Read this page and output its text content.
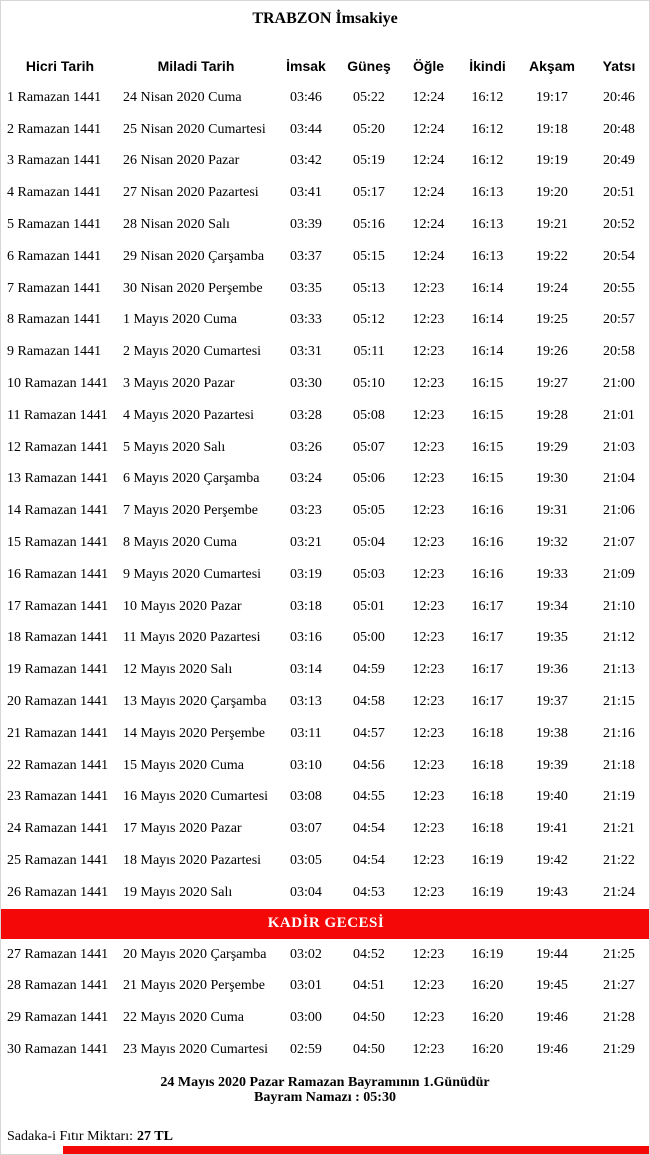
TRABZON İmsakiye
Hicri Tarih	Miladi Tarih	İmsak	Güneş	Öğle	İkindi	Akşam	Yatsı
1 Ramazan 1441	24 Nisan 2020 Cuma	03:46	05:22	12:24	16:12	19:17	20:46
2 Ramazan 1441	25 Nisan 2020 Cumartesi	03:44	05:20	12:24	16:12	19:18	20:48
3 Ramazan 1441	26 Nisan 2020 Pazar	03:42	05:19	12:24	16:12	19:19	20:49
4 Ramazan 1441	27 Nisan 2020 Pazartesi	03:41	05:17	12:24	16:13	19:20	20:51
5 Ramazan 1441	28 Nisan 2020 Salı	03:39	05:16	12:24	16:13	19:21	20:52
6 Ramazan 1441	29 Nisan 2020 Çarşamba	03:37	05:15	12:24	16:13	19:22	20:54
7 Ramazan 1441	30 Nisan 2020 Perşembe	03:35	05:13	12:23	16:14	19:24	20:55
8 Ramazan 1441	1 Mayıs 2020 Cuma	03:33	05:12	12:23	16:14	19:25	20:57
9 Ramazan 1441	2 Mayıs 2020 Cumartesi	03:31	05:11	12:23	16:14	19:26	20:58
10 Ramazan 1441	3 Mayıs 2020 Pazar	03:30	05:10	12:23	16:15	19:27	21:00
11 Ramazan 1441	4 Mayıs 2020 Pazartesi	03:28	05:08	12:23	16:15	19:28	21:01
12 Ramazan 1441	5 Mayıs 2020 Salı	03:26	05:07	12:23	16:15	19:29	21:03
13 Ramazan 1441	6 Mayıs 2020 Çarşamba	03:24	05:06	12:23	16:15	19:30	21:04
14 Ramazan 1441	7 Mayıs 2020 Perşembe	03:23	05:05	12:23	16:16	19:31	21:06
15 Ramazan 1441	8 Mayıs 2020 Cuma	03:21	05:04	12:23	16:16	19:32	21:07
16 Ramazan 1441	9 Mayıs 2020 Cumartesi	03:19	05:03	12:23	16:16	19:33	21:09
17 Ramazan 1441	10 Mayıs 2020 Pazar	03:18	05:01	12:23	16:17	19:34	21:10
18 Ramazan 1441	11 Mayıs 2020 Pazartesi	03:16	05:00	12:23	16:17	19:35	21:12
19 Ramazan 1441	12 Mayıs 2020 Salı	03:14	04:59	12:23	16:17	19:36	21:13
20 Ramazan 1441	13 Mayıs 2020 Çarşamba	03:13	04:58	12:23	16:17	19:37	21:15
21 Ramazan 1441	14 Mayıs 2020 Perşembe	03:11	04:57	12:23	16:18	19:38	21:16
22 Ramazan 1441	15 Mayıs 2020 Cuma	03:10	04:56	12:23	16:18	19:39	21:18
23 Ramazan 1441	16 Mayıs 2020 Cumartesi	03:08	04:55	12:23	16:18	19:40	21:19
24 Ramazan 1441	17 Mayıs 2020 Pazar	03:07	04:54	12:23	16:18	19:41	21:21
25 Ramazan 1441	18 Mayıs 2020 Pazartesi	03:05	04:54	12:23	16:19	19:42	21:22
26 Ramazan 1441	19 Mayıs 2020 Salı	03:04	04:53	12:23	16:19	19:43	21:24
KADİR GECESİ							
27 Ramazan 1441	20 Mayıs 2020 Çarşamba	03:02	04:52	12:23	16:19	19:44	21:25
28 Ramazan 1441	21 Mayıs 2020 Perşembe	03:01	04:51	12:23	16:20	19:45	21:27
29 Ramazan 1441	22 Mayıs 2020 Cuma	03:00	04:50	12:23	16:20	19:46	21:28
30 Ramazan 1441	23 Mayıs 2020 Cumartesi	02:59	04:50	12:23	16:20	19:46	21:29
24 Mayıs 2020 Pazar Ramazan Bayramının 1.Günüdür
Bayram Namazı : 05:30
Sadaka-i Fıtır Miktarı: 27 TL
